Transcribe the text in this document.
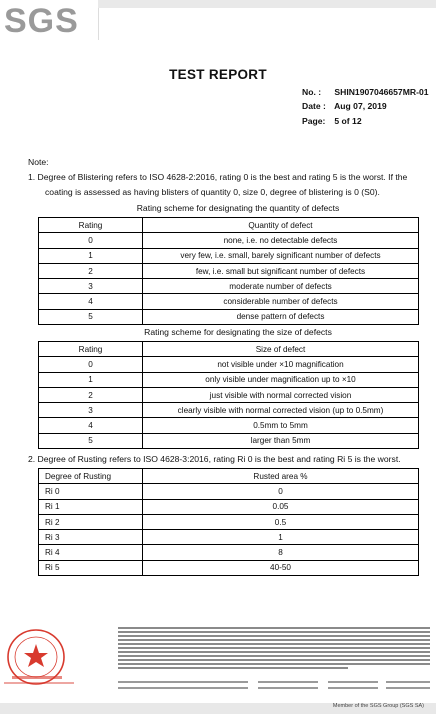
SGS
TEST REPORT
No. : SHIN1907046657MR-01
Date : Aug 07, 2019
Page: 5 of 12
Note:
1. Degree of Blistering refers to ISO 4628-2:2016, rating 0 is the best and rating 5 is the worst. If the
coating is assessed as having blisters of quantity 0, size 0, degree of blistering is 0 (S0).
Rating scheme for designating the quantity of defects
Rating	Quantity of defect
0	none, i.e. no detectable defects
1	very few, i.e. small, barely significant number of defects
2	few, i.e. small but significant number of defects
3	moderate number of defects
4	considerable number of defects
5	dense pattern of defects
Rating scheme for designating the size of defects
Rating	Size of defect
0	not visible under ×10 magnification
1	only visible under magnification up to ×10
2	just visible with normal corrected vision
3	clearly visible with normal corrected vision (up to 0.5mm)
4	0.5mm to 5mm
5	larger than 5mm
2. Degree of Rusting refers to ISO 4628-3:2016, rating Ri 0 is the best and rating Ri 5 is the worst.
Degree of Rusting	Rusted area %
Ri 0	0
Ri 1	0.05
Ri 2	0.5
Ri 3	1
Ri 4	8
Ri 5	40-50
Member of the SGS Group (SGS SA)
